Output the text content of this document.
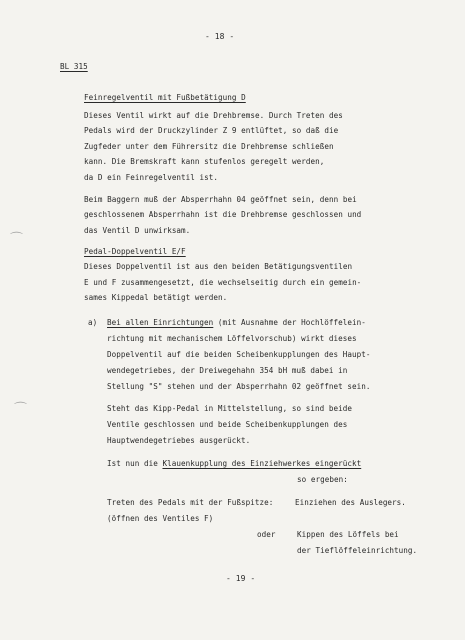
- 18 -
BL 315
Feinregelventil mit Fußbetätigung D
Dieses Ventil wirkt auf die Drehbremse. Durch Treten des
Pedals wird der Druckzylinder Z 9 entlüftet, so daß die
Zugfeder unter dem Führersitz die Drehbremse schließen
kann. Die Bremskraft kann stufenlos geregelt werden,
da D ein Feinregelventil ist.
Beim Baggern muß der Absperrhahn 04 geöffnet sein, denn bei
geschlossenem Absperrhahn ist die Drehbremse geschlossen und
das Ventil D unwirksam.
Pedal-Doppelventil E/F
Dieses Doppelventil ist aus den beiden Betätigungsventilen
E und F zusammengesetzt, die wechselseitig durch ein gemein-
sames Kippedal betätigt werden.
a) Bei allen Einrichtungen (mit Ausnahme der Hochlöffelein-
richtung mit mechanischem Löffelvorschub) wirkt dieses
Doppelventil auf die beiden Scheibenkupplungen des Haupt-
wendegetriebes, der Dreiwegehahn 354 bH muß dabei in
Stellung "S" stehen und der Absperrhahn 02 geöffnet sein.
Steht das Kipp-Pedal in Mittelstellung, so sind beide
Ventile geschlossen und beide Scheibenkupplungen des
Hauptwendegetriebes ausgerückt.
Ist nun die Klauenkupplung des Einziehwerkes eingerückt
so ergeben:
Treten des Pedals mit der Fußspitze:	Einziehen des Auslegers.
(öffnen des Ventiles F)
oder	Kippen des Löffels bei
der Tieflöffeleinrichtung.
- 19 -
⌒
⌒
